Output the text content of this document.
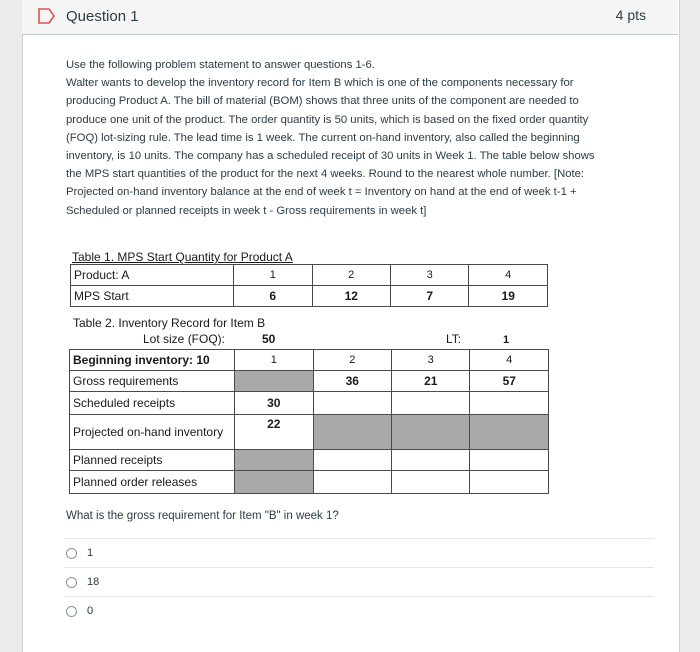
Question 1	4 pts

Use the following problem statement to answer questions 1-6.

Walter wants to develop the inventory record for Item B which is one of the components necessary for producing Product A. The bill of material (BOM) shows that three units of the component are needed to produce one unit of the product. The order quantity is 50 units, which is based on the fixed order quantity (FOQ) lot-sizing rule. The lead time is 1 week. The current on-hand inventory, also called the beginning inventory, is 10 units. The company has a scheduled receipt of 30 units in Week 1. The table below shows the MPS start quantities of the product for the next 4 weeks. Round to the nearest whole number. [Note: Projected on-hand inventory balance at the end of week t = Inventory on hand at the end of week t-1 + Scheduled or planned receipts in week t - Gross requirements in week t]

Table 1. MPS Start Quantity for Product A
Product: A	1	2	3	4
MPS Start	6	12	7	19
Table 2. Inventory Record for Item B
Lot size (FOQ):	50	LT:	1
Beginning inventory: 10	1	2	3	4
Gross requirements		36	21	57
Scheduled receipts	30			
Projected on-hand inventory	22			
Planned receipts				
Planned order releases				
What is the gross requirement for Item "B" in week 1?
1
18
0
